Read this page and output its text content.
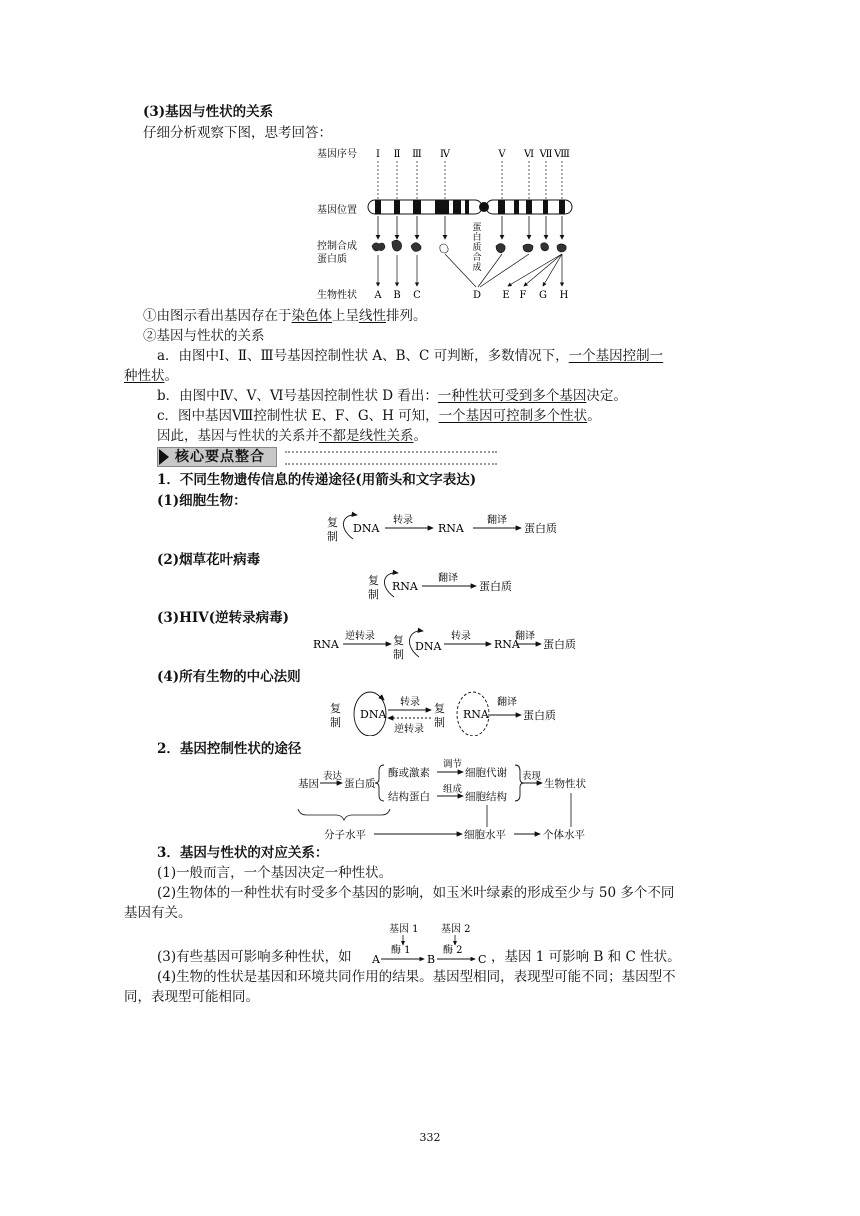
(3)基因与性状的关系
仔细分析观察下图，思考回答：
基因序号
基因位置
控制合成
蛋白质
生物性状
Ⅰ Ⅱ Ⅲ Ⅳ	Ⅴ Ⅵ Ⅶ Ⅷ
蛋
白
质
合
成
A B C	D E F G H
①由图示看出基因存在于染色体上呈线性排列。
②基因与性状的关系
a．由图中Ⅰ、Ⅱ、Ⅲ号基因控制性状 A、B、C 可判断，多数情况下，一个基因控制一
种性状。
b．由图中Ⅳ、Ⅴ、Ⅵ号基因控制性状 D 看出：一种性状可受到多个基因决定。
c．图中基因Ⅷ控制性状 E、F、G、H 可知，一个基因可控制多个性状。
因此，基因与性状的关系并不都是线性关系。
核心要点整合
1．不同生物遗传信息的传递途径(用箭头和文字表达)
(1)细胞生物：
复
制
DNA
转录
RNA
翻译
蛋白质
(2)烟草花叶病毒
复
制
RNA
翻译
蛋白质
(3)HIV(逆转录病毒)
RNA
逆转录 复
制
DNA
转录
RNA
翻译
蛋白质
(4)所有生物的中心法则
复
制
DNA
转录
逆转录
复
制
RNA
翻译
蛋白质
2．基因控制性状的途径
基因
表达
蛋白质
酶或激素
调节
细胞代谢
结构蛋白
组成
细胞结构
表现
生物性状
分子水平	细胞水平	个体水平
3．基因与性状的对应关系：
(1)一般而言，一个基因决定一种性状。
(2)生物体的一种性状有时受多个基因的影响，如玉米叶绿素的形成至少与 50 多个不同
基因有关。
(3)有些基因可影响多种性状，如
基因 1 基因 2
酶 1	酶 2
A	B	C ，基因 1 可影响 B 和 C 性状。
(4)生物的性状是基因和环境共同作用的结果。基因型相同，表现型可能不同；基因型不
同，表现型可能相同。
332
